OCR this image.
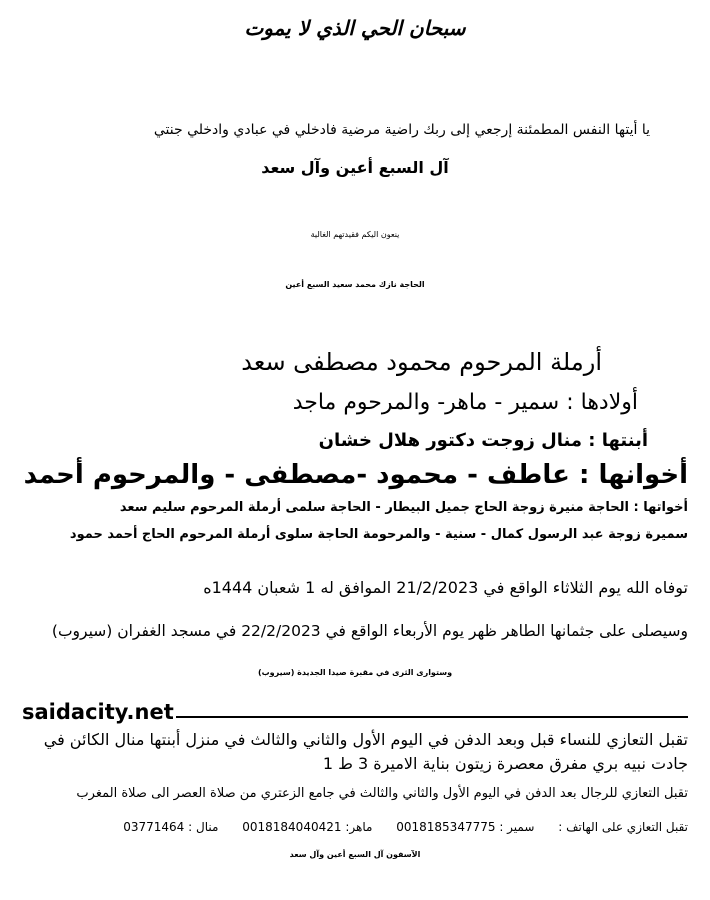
سبحان الحي الذي لا يموت
يا أيتها النفس المطمئنة إرجعي إلى ربك راضية مرضية فادخلي في عبادي وادخلي جنتي
آل السبع أعين وآل سعد
ينعون اليكم فقيدتهم الغالية
الحاجة نازك محمد سعيد السبع أعين
أرملة المرحوم محمود مصطفى سعد
أولادها : سمير - ماهر- والمرحوم ماجد
أبنتها : منال زوجت دكتور هلال خشان
أخوانها : عاطف - محمود -مصطفى - والمرحوم أحمد
أخواتها : الحاجة منيرة زوجة الحاج جميل البيطار - الحاجة سلمى أرملة المرحوم سليم سعد
سميرة زوجة عبد الرسول كمال - سنية - والمرحومة الحاجة سلوى أرملة المرحوم الحاج أحمد حمود
توفاه الله يوم الثلاثاء الواقع في 21/2/2023 الموافق له 1 شعبان 1444ه
وسيصلى على جثمانها الطاهر ظهر يوم الأربعاء الواقع في 22/2/2023 في مسجد الغفران (سيروب)
وستوارى الثرى في مقبرة صيدا الجديدة (سيروب)
saidacity.net
تقبل التعازي للنساء قبل وبعد الدفن في اليوم الأول والثاني والثالث في منزل أبنتها منال الكائن في
جادت نبيه بري مفرق معصرة زيتون بناية الاميرة 3 ط 1
تقبل التعازي للرجال بعد الدفن في اليوم الأول والثاني والثالث في جامع الزعتري من صلاة العصر الى صلاة المغرب
تقبل التعازي على الهاتف : سمير : 0018185347775 ماهر: 0018184040421 منال : 03771464
الآسفون آل السبع أعين وآل سعد
